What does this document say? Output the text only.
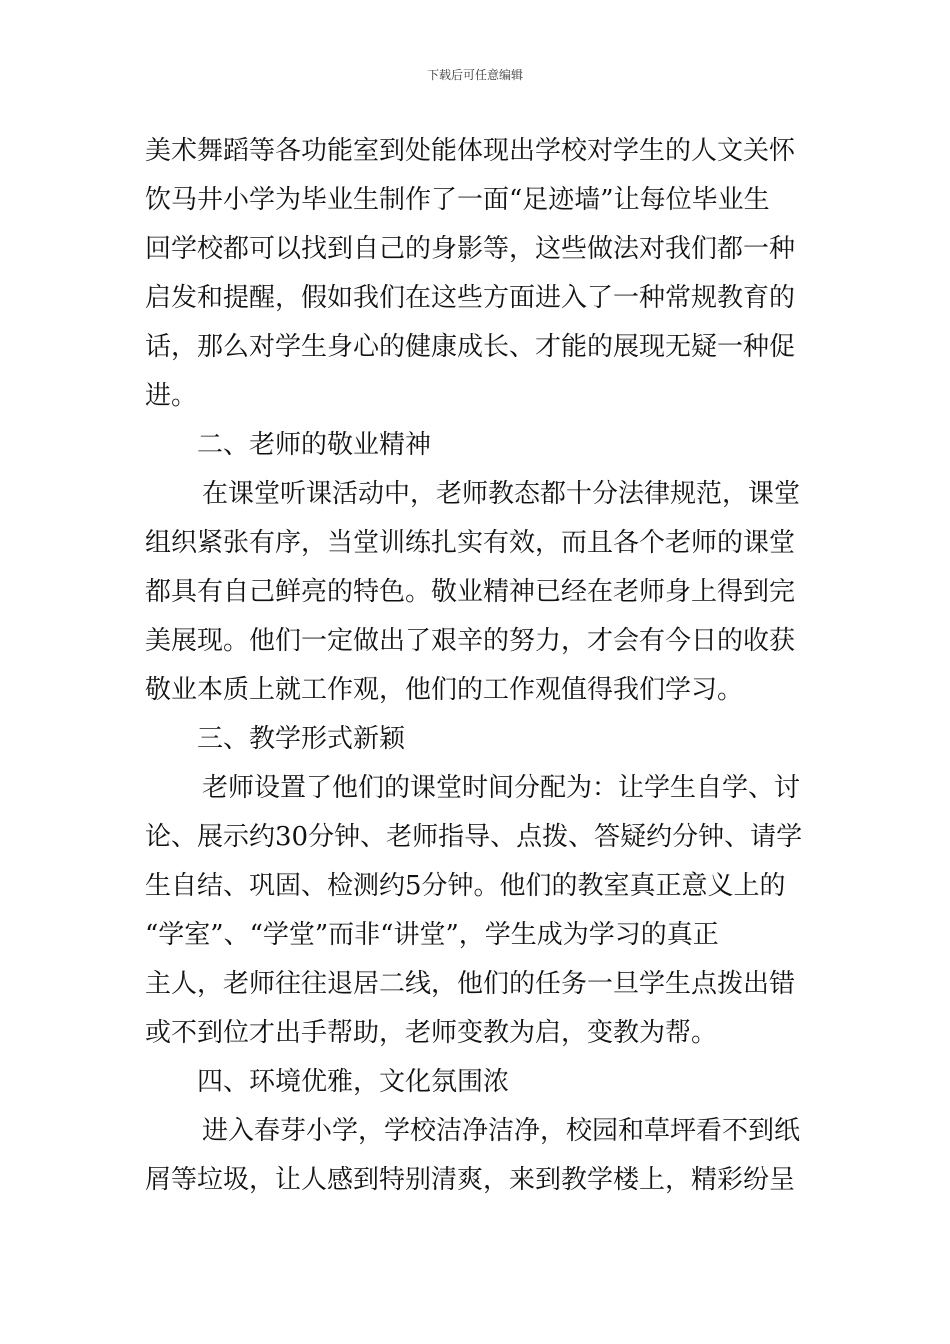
下载后可任意编辑
美术舞蹈等各功能室到处能体现出学校对学生的人文关怀
饮马井小学为毕业生制作了一面“足迹墙”让每位毕业生
回学校都可以找到自己的身影等，这些做法对我们都一种
启发和提醒，假如我们在这些方面进入了一种常规教育的
话，那么对学生身心的健康成长、才能的展现无疑一种促
进。
二、老师的敬业精神
在课堂听课活动中，老师教态都十分法律规范，课堂
组织紧张有序，当堂训练扎实有效，而且各个老师的课堂
都具有自己鲜亮的特色。敬业精神已经在老师身上得到完
美展现。他们一定做出了艰辛的努力，才会有今日的收获
敬业本质上就工作观，他们的工作观值得我们学习。
三、教学形式新颖
老师设置了他们的课堂时间分配为：让学生自学、讨
论、展示约30分钟、老师指导、点拨、答疑约分钟、请学
生自结、巩固、检测约5分钟。他们的教室真正意义上的
“学室”、“学堂”而非“讲堂”，学生成为学习的真正
主人，老师往往退居二线，他们的任务一旦学生点拨出错
或不到位才出手帮助，老师变教为启，变教为帮。
四、环境优雅，文化氛围浓
进入春芽小学，学校洁净洁净，校园和草坪看不到纸
屑等垃圾，让人感到特别清爽，来到教学楼上，精彩纷呈
